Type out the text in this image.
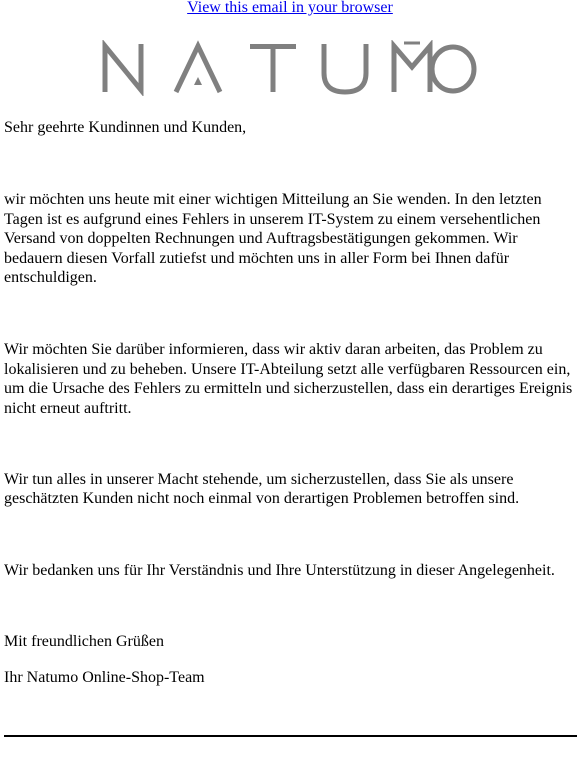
View this email in your browser

Sehr geehrte Kundinnen und Kunden,

wir möchten uns heute mit einer wichtigen Mitteilung an Sie wenden. In den letzten Tagen ist es aufgrund eines Fehlers in unserem IT-System zu einem versehentlichen Versand von doppelten Rechnungen und Auftragsbestätigungen gekommen. Wir bedauern diesen Vorfall zutiefst und möchten uns in aller Form bei Ihnen dafür entschuldigen.

Wir möchten Sie darüber informieren, dass wir aktiv daran arbeiten, das Problem zu lokalisieren und zu beheben. Unsere IT-Abteilung setzt alle verfügbaren Ressourcen ein, um die Ursache des Fehlers zu ermitteln und sicherzustellen, dass ein derartiges Ereignis nicht erneut auftritt.

Wir tun alles in unserer Macht stehende, um sicherzustellen, dass Sie als unsere geschätzten Kunden nicht noch einmal von derartigen Problemen betroffen sind.

Wir bedanken uns für Ihr Verständnis und Ihre Unterstützung in dieser Angelegenheit.

Mit freundlichen Grüßen

Ihr Natumo Online-Shop-Team
